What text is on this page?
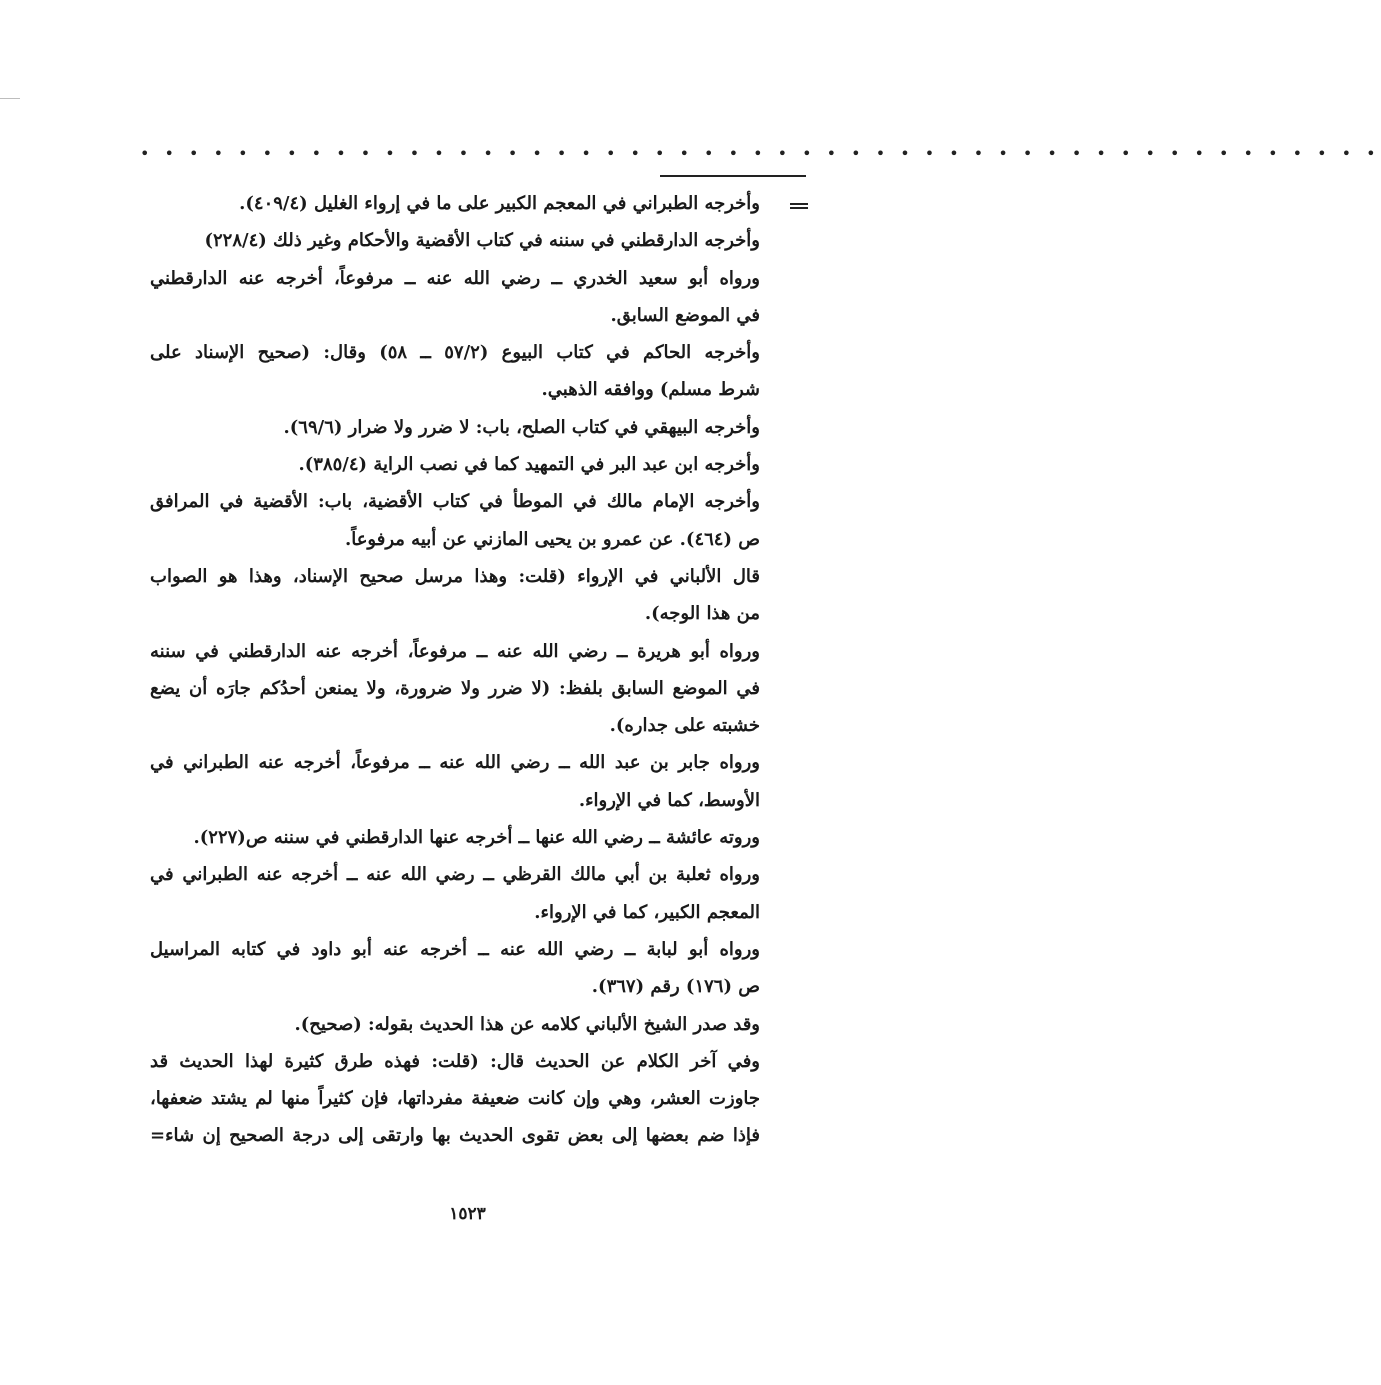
• • • • • • • • • • • • • • • • • • • • • • • • • • • • • • • • • • • • • • • • • • • • • • • • • • •
وأخرجه الطبراني في المعجم الكبير على ما في إرواء الغليل (٤٠٩/٤).
وأخرجه الدارقطني في سننه في كتاب الأقضية والأحكام وغير ذلك (٢٢٨/٤)
ورواه أبو سعيد الخدري ــ رضي الله عنه ــ مرفوعاً، أخرجه عنه الدارقطني
في الموضع السابق.
وأخرجه الحاكم في كتاب البيوع (٥٧/٢ ــ ٥٨) وقال: (صحيح الإسناد على
شرط مسلم) ووافقه الذهبي.
وأخرجه البيهقي في كتاب الصلح، باب: لا ضرر ولا ضرار (٦٩/٦).
وأخرجه ابن عبد البر في التمهيد كما في نصب الراية (٣٨٥/٤).
وأخرجه الإمام مالك في الموطأ في كتاب الأقضية، باب: الأقضية في المرافق
ص (٤٦٤). عن عمرو بن يحيى المازني عن أبيه مرفوعاً.
قال الألباني في الإرواء (قلت: وهذا مرسل صحيح الإسناد، وهذا هو الصواب
من هذا الوجه).
ورواه أبو هريرة ــ رضي الله عنه ــ مرفوعاً، أخرجه عنه الدارقطني في سننه
في الموضع السابق بلفظ: (لا ضرر ولا ضرورة، ولا يمنعن أحدُكم جارَه أن يضع
خشبته على جداره).
ورواه جابر بن عبد الله ــ رضي الله عنه ــ مرفوعاً، أخرجه عنه الطبراني في
الأوسط، كما في الإرواء.
وروته عائشة ــ رضي الله عنها ــ أخرجه عنها الدارقطني في سننه ص(٢٢٧).
ورواه ثعلبة بن أبي مالك القرظي ــ رضي الله عنه ــ أخرجه عنه الطبراني في
المعجم الكبير، كما في الإرواء.
ورواه أبو لبابة ــ رضي الله عنه ــ أخرجه عنه أبو داود في كتابه المراسيل
ص (١٧٦) رقم (٣٦٧).
وقد صدر الشيخ الألباني كلامه عن هذا الحديث بقوله: (صحيح).
وفي آخر الكلام عن الحديث قال: (قلت: فهذه طرق كثيرة لهذا الحديث قد
جاوزت العشر، وهي وإن كانت ضعيفة مفرداتها، فإن كثيراً منها لم يشتد ضعفها،
فإذا ضم بعضها إلى بعض تقوى الحديث بها وارتقى إلى درجة الصحيح إن شاء=
١٥٢٣
